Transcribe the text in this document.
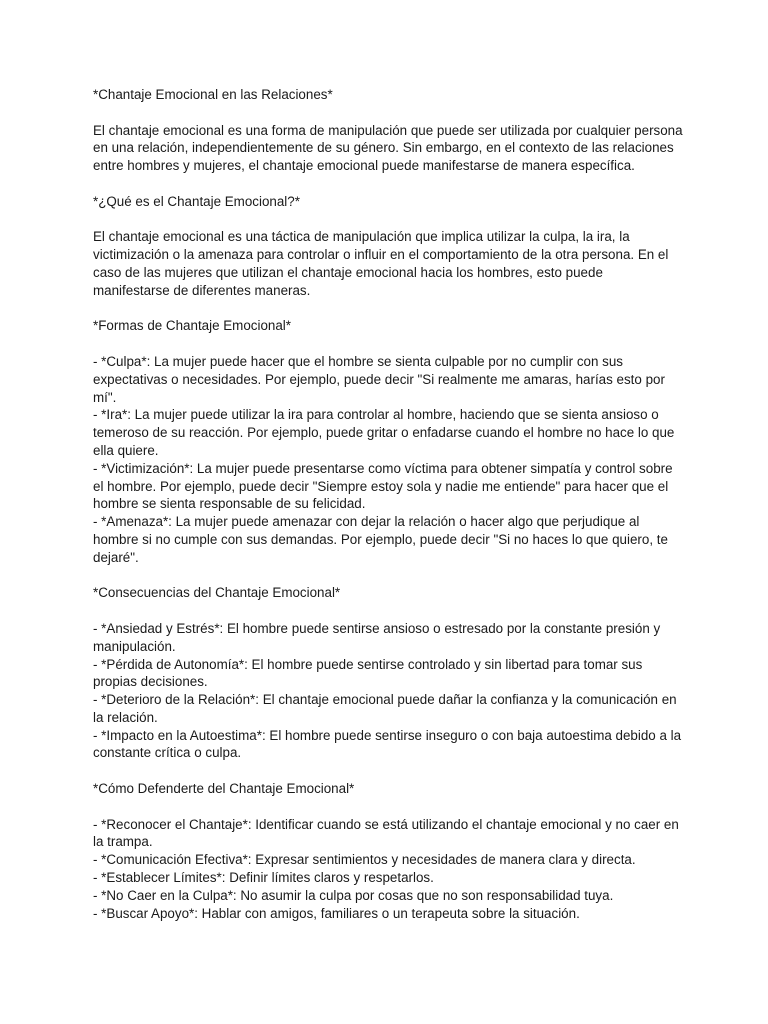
*Chantaje Emocional en las Relaciones*

El chantaje emocional es una forma de manipulación que puede ser utilizada por cualquier persona en una relación, independientemente de su género. Sin embargo, en el contexto de las relaciones entre hombres y mujeres, el chantaje emocional puede manifestarse de manera específica.

*¿Qué es el Chantaje Emocional?*

El chantaje emocional es una táctica de manipulación que implica utilizar la culpa, la ira, la victimización o la amenaza para controlar o influir en el comportamiento de la otra persona. En el caso de las mujeres que utilizan el chantaje emocional hacia los hombres, esto puede manifestarse de diferentes maneras.

*Formas de Chantaje Emocional*

- *Culpa*: La mujer puede hacer que el hombre se sienta culpable por no cumplir con sus expectativas o necesidades. Por ejemplo, puede decir "Si realmente me amaras, harías esto por mí".
- *Ira*: La mujer puede utilizar la ira para controlar al hombre, haciendo que se sienta ansioso o temeroso de su reacción. Por ejemplo, puede gritar o enfadarse cuando el hombre no hace lo que ella quiere.
- *Victimización*: La mujer puede presentarse como víctima para obtener simpatía y control sobre el hombre. Por ejemplo, puede decir "Siempre estoy sola y nadie me entiende" para hacer que el hombre se sienta responsable de su felicidad.
- *Amenaza*: La mujer puede amenazar con dejar la relación o hacer algo que perjudique al hombre si no cumple con sus demandas. Por ejemplo, puede decir "Si no haces lo que quiero, te dejaré".

*Consecuencias del Chantaje Emocional*

- *Ansiedad y Estrés*: El hombre puede sentirse ansioso o estresado por la constante presión y manipulación.
- *Pérdida de Autonomía*: El hombre puede sentirse controlado y sin libertad para tomar sus propias decisiones.
- *Deterioro de la Relación*: El chantaje emocional puede dañar la confianza y la comunicación en la relación.
- *Impacto en la Autoestima*: El hombre puede sentirse inseguro o con baja autoestima debido a la constante crítica o culpa.

*Cómo Defenderte del Chantaje Emocional*

- *Reconocer el Chantaje*: Identificar cuando se está utilizando el chantaje emocional y no caer en la trampa.
- *Comunicación Efectiva*: Expresar sentimientos y necesidades de manera clara y directa.
- *Establecer Límites*: Definir límites claros y respetarlos.
- *No Caer en la Culpa*: No asumir la culpa por cosas que no son responsabilidad tuya.
- *Buscar Apoyo*: Hablar con amigos, familiares o un terapeuta sobre la situación.
